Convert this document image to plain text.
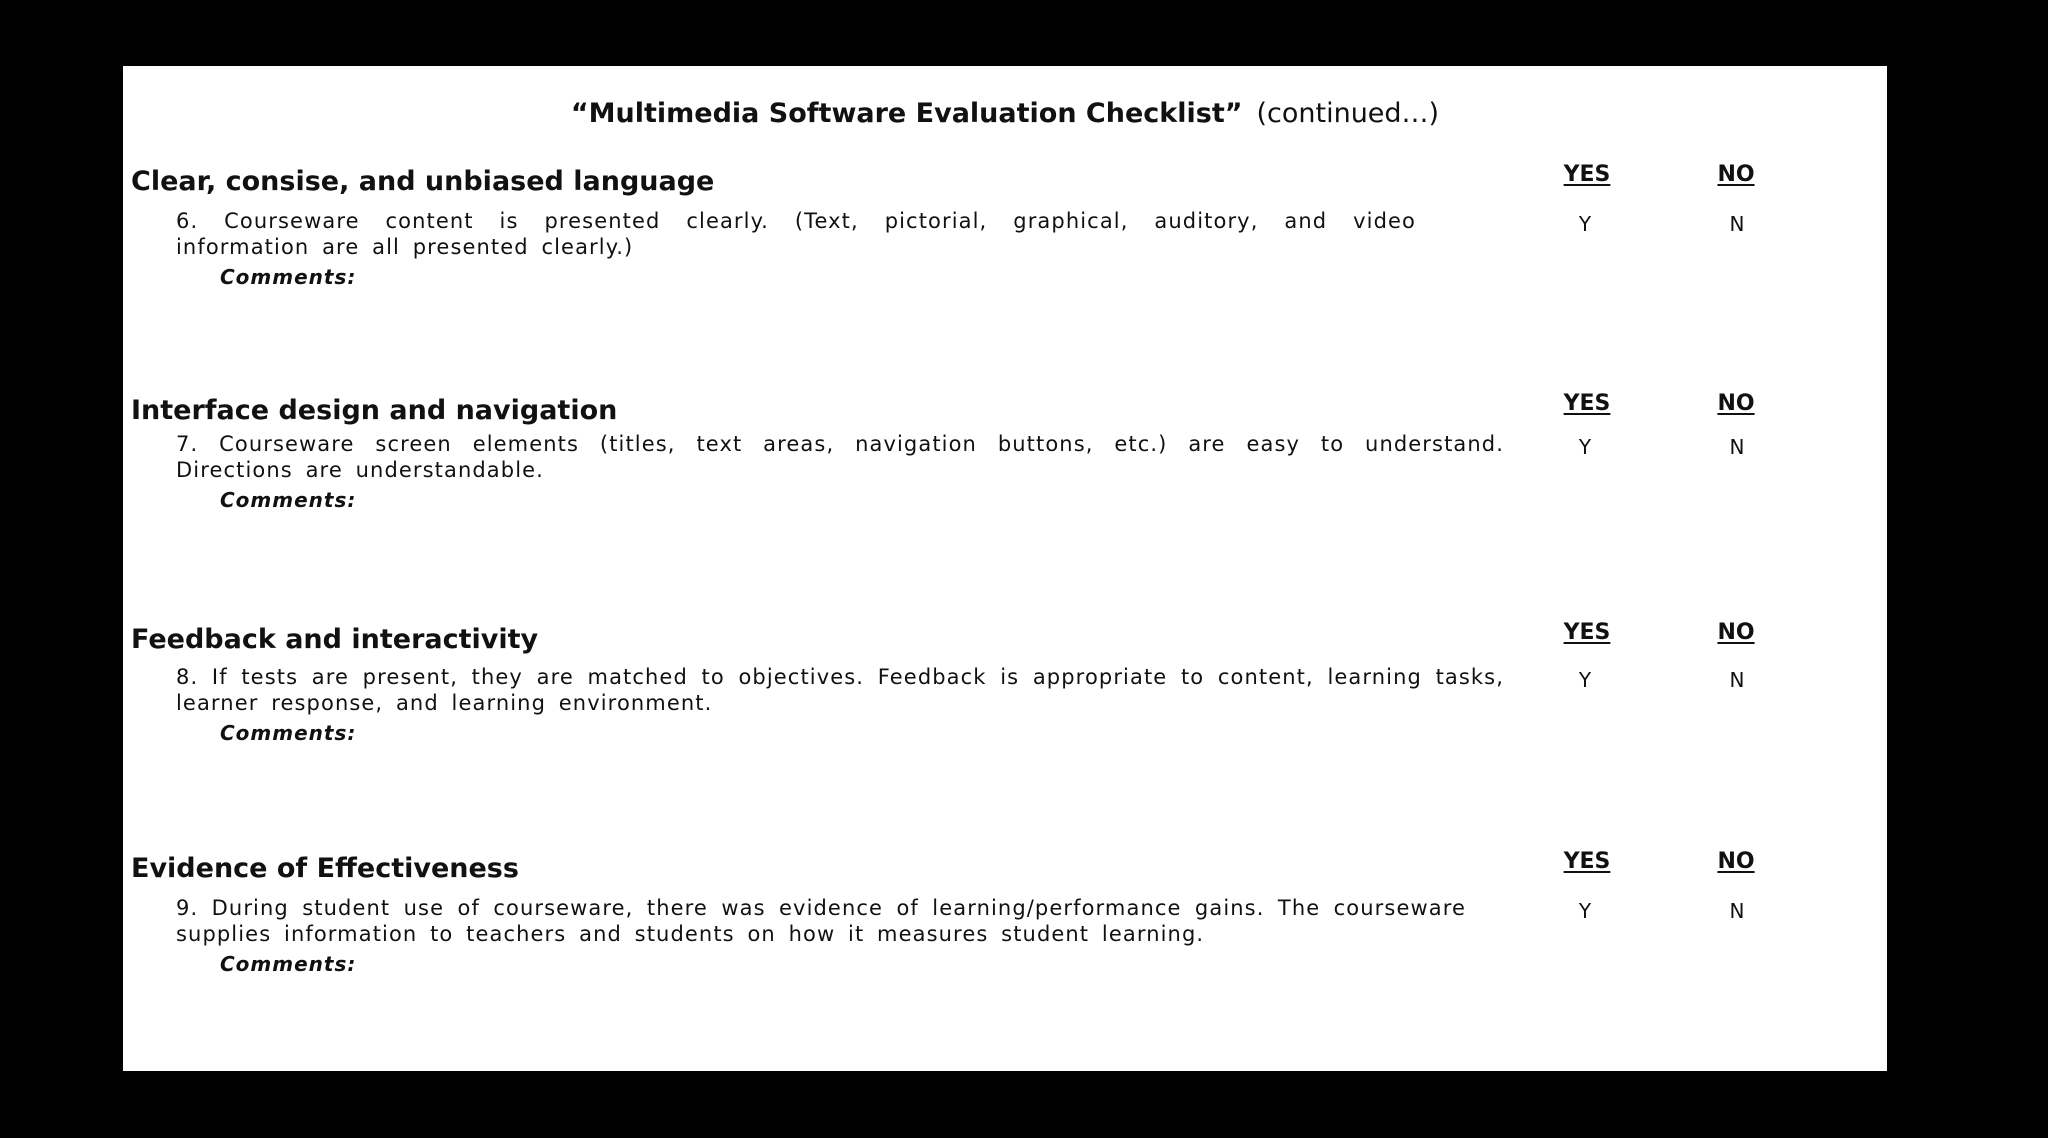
“Multimedia Software Evaluation Checklist” (continued…)
Clear, consise, and unbiased language	YES	NO
6. Courseware content is presented clearly. (Text, pictorial, graphical, auditory, and video information are all presented clearly.)
Comments:
Y	N
Interface design and navigation	YES	NO
7. Courseware screen elements (titles, text areas, navigation buttons, etc.) are easy to understand. Directions are understandable.
Comments:
Y	N
Feedback and interactivity	YES	NO
8. If tests are present, they are matched to objectives. Feedback is appropriate to content, learning tasks, learner response, and learning environment.
Comments:
Y	N
Evidence of Effectiveness	YES	NO
9. During student use of courseware, there was evidence of learning/performance gains. The courseware supplies information to teachers and students on how it measures student learning.
Comments:
Y	N
